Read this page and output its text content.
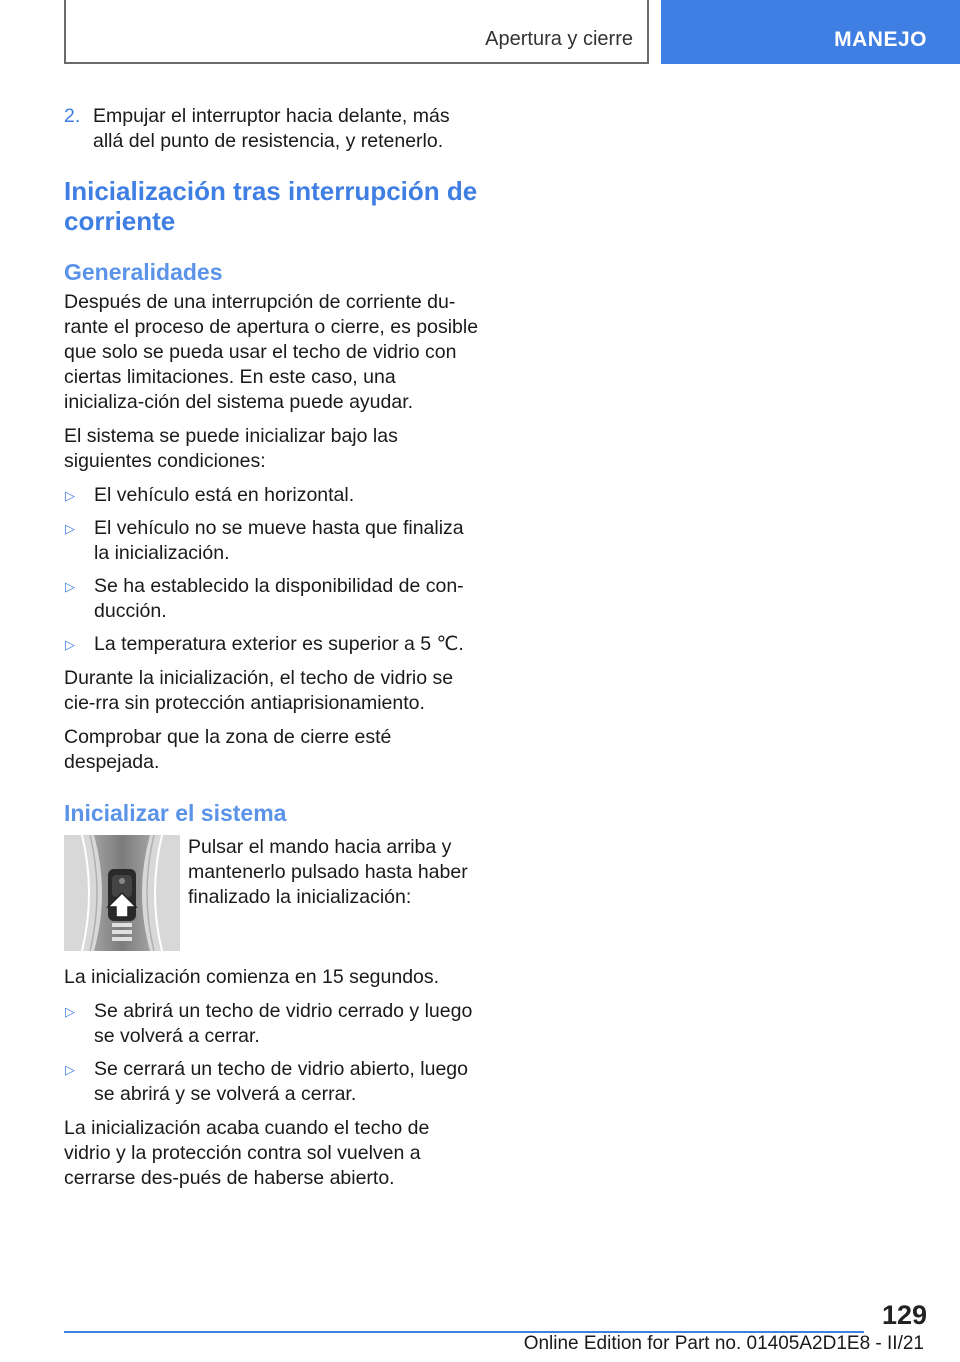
Apertura y cierre	MANEJO
2. Empujar el interruptor hacia delante, más allá del punto de resistencia, y retenerlo.
Inicialización tras interrupción de corriente
Generalidades

Después de una interrupción de corriente du-rante el proceso de apertura o cierre, es posible que solo se pueda usar el techo de vidrio con ciertas limitaciones. En este caso, una inicializa-ción del sistema puede ayudar.

El sistema se puede inicializar bajo las siguientes condiciones:

▷ El vehículo está en horizontal.
▷ El vehículo no se mueve hasta que finaliza la inicialización.
▷ Se ha establecido la disponibilidad de con-ducción.
▷ La temperatura exterior es superior a 5 ℃.

Durante la inicialización, el techo de vidrio se cie-rra sin protección antiaprisionamiento.

Comprobar que la zona de cierre esté despejada.

Inicializar el sistema
Pulsar el mando hacia arriba y mantenerlo pulsado hasta haber finalizado la inicialización:

La inicialización comienza en 15 segundos.

▷ Se abrirá un techo de vidrio cerrado y luego se volverá a cerrar.
▷ Se cerrará un techo de vidrio abierto, luego se abrirá y se volverá a cerrar.

La inicialización acaba cuando el techo de vidrio y la protección contra sol vuelven a cerrarse des-pués de haberse abierto.

129
Online Edition for Part no. 01405A2D1E8 - II/21
